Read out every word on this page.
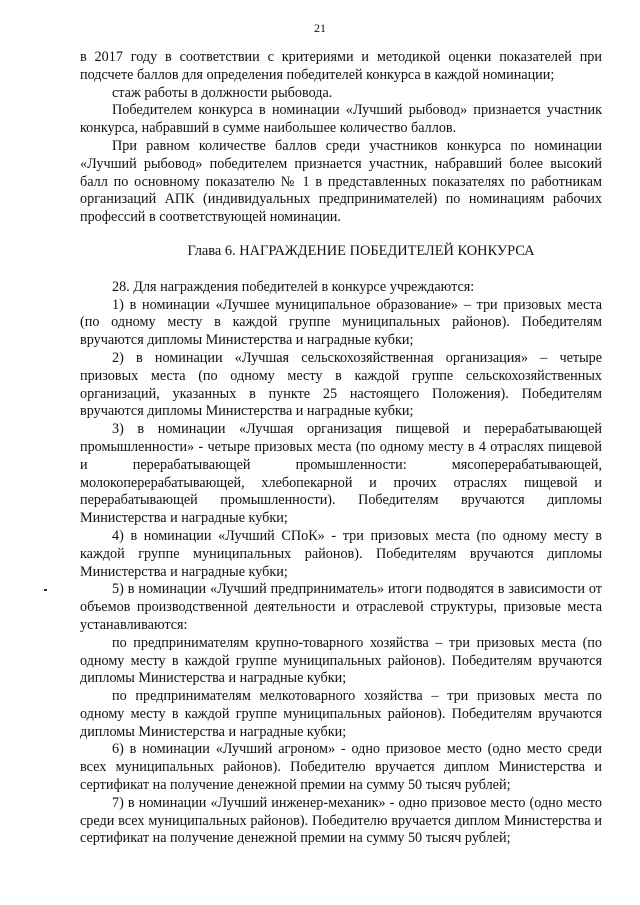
21

в 2017 году в соответствии с критериями и методикой оценки показателей при подсчете баллов для определения победителей конкурса в каждой номинации;

стаж работы в должности рыбовода.

Победителем конкурса в номинации «Лучший рыбовод» признается участник конкурса, набравший в сумме наибольшее количество баллов.

При равном количестве баллов среди участников конкурса по номинации «Лучший рыбовод» победителем признается участник, набравший более высокий балл по основному показателю № 1 в представленных показателях по работникам организаций АПК (индивидуальных предпринимателей) по номинациям рабочих профессий в соответствующей номинации.

Глава 6. НАГРАЖДЕНИЕ ПОБЕДИТЕЛЕЙ КОНКУРСА

28. Для награждения победителей в конкурсе учреждаются:

1) в номинации «Лучшее муниципальное образование» – три призовых места (по одному месту в каждой группе муниципальных районов). Победителям вручаются дипломы Министерства и наградные кубки;

2) в номинации «Лучшая сельскохозяйственная организация» – четыре призовых места (по одному месту в каждой группе сельскохозяйственных организаций, указанных в пункте 25 настоящего Положения). Победителям вручаются дипломы Министерства и наградные кубки;

3) в номинации «Лучшая организация пищевой и перерабатывающей промышленности» - четыре призовых места (по одному месту в 4 отраслях пищевой и перерабатывающей промышленности: мясоперерабатывающей, молокоперерабатывающей, хлебопекарной и прочих отраслях пищевой и перерабатывающей промышленности). Победителям вручаются дипломы Министерства и наградные кубки;

4) в номинации «Лучший СПоК» - три призовых места (по одному месту в каждой группе муниципальных районов). Победителям вручаются дипломы Министерства и наградные кубки;

5) в номинации «Лучший предприниматель» итоги подводятся в зависимости от объемов производственной деятельности и отраслевой структуры, призовые места устанавливаются:

по предпринимателям крупно-товарного хозяйства – три призовых места (по одному месту в каждой группе муниципальных районов). Победителям вручаются дипломы Министерства и наградные кубки;

по предпринимателям мелкотоварного хозяйства – три призовых места по одному месту в каждой группе муниципальных районов). Победителям вручаются дипломы Министерства и наградные кубки;

6) в номинации «Лучший агроном» - одно призовое место (одно место среди всех муниципальных районов). Победителю вручается диплом Министерства и сертификат на получение денежной премии на сумму 50 тысяч рублей;

7) в номинации «Лучший инженер-механик» - одно призовое место (одно место среди всех муниципальных районов). Победителю вручается диплом Министерства и сертификат на получение денежной премии на сумму 50 тысяч рублей;
